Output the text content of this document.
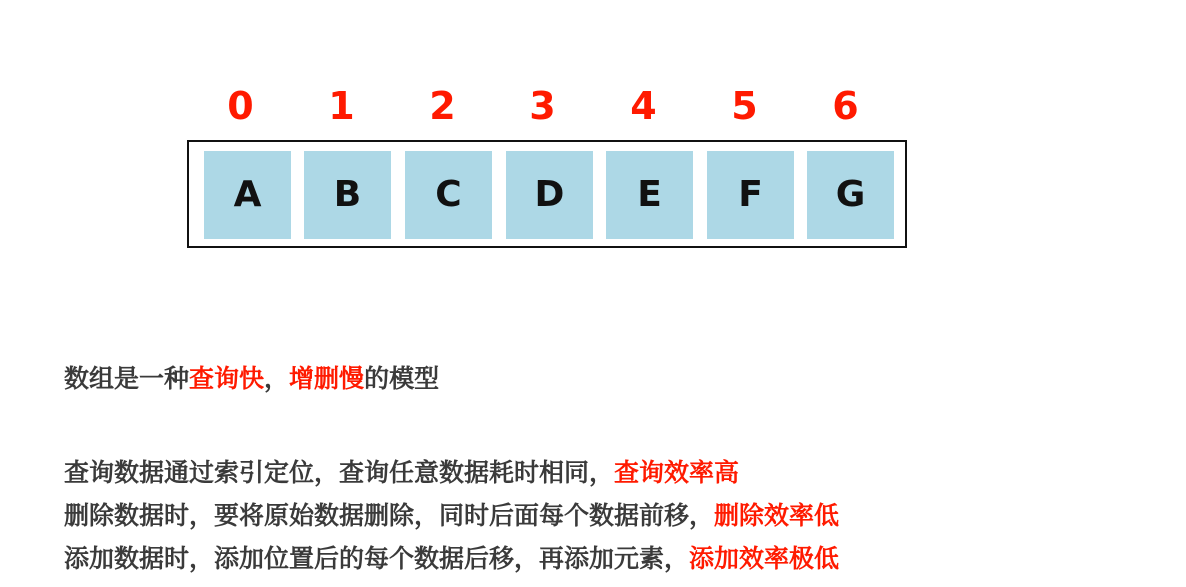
0	1	2	3	4	5	6
A	B	C	D	E	F	G
数组是一种查询快，增删慢的模型
查询数据通过索引定位，查询任意数据耗时相同，查询效率高
删除数据时，要将原始数据删除，同时后面每个数据前移，删除效率低
添加数据时，添加位置后的每个数据后移，再添加元素，添加效率极低
